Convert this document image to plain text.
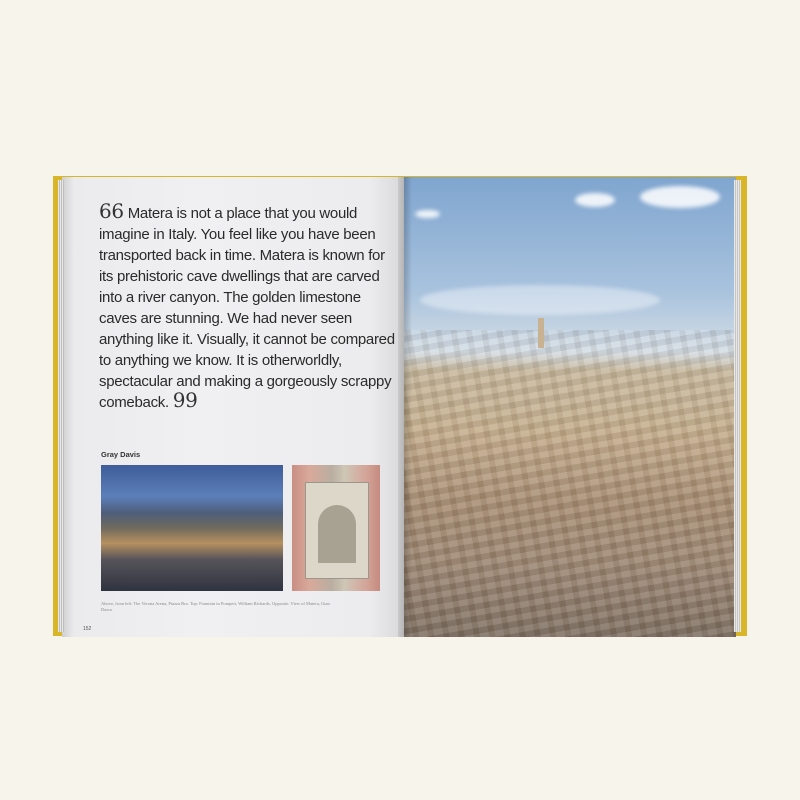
66 Matera is not a place that you would imagine in Italy. You feel like you have been transported back in time. Matera is known for its prehistoric cave dwellings that are carved into a river canyon. The golden limestone caves are stunning. We had never seen anything like it. Visually, it cannot be compared to anything we know. It is otherworldly, spectacular and making a gorgeously scrappy comeback. 99
Gray Davis
Above, from left: The Verona Arena, Piazza Bra. Top: Fountain in Pompeii, William Richards. Opposite: View of Matera, Gian Dasco
152
